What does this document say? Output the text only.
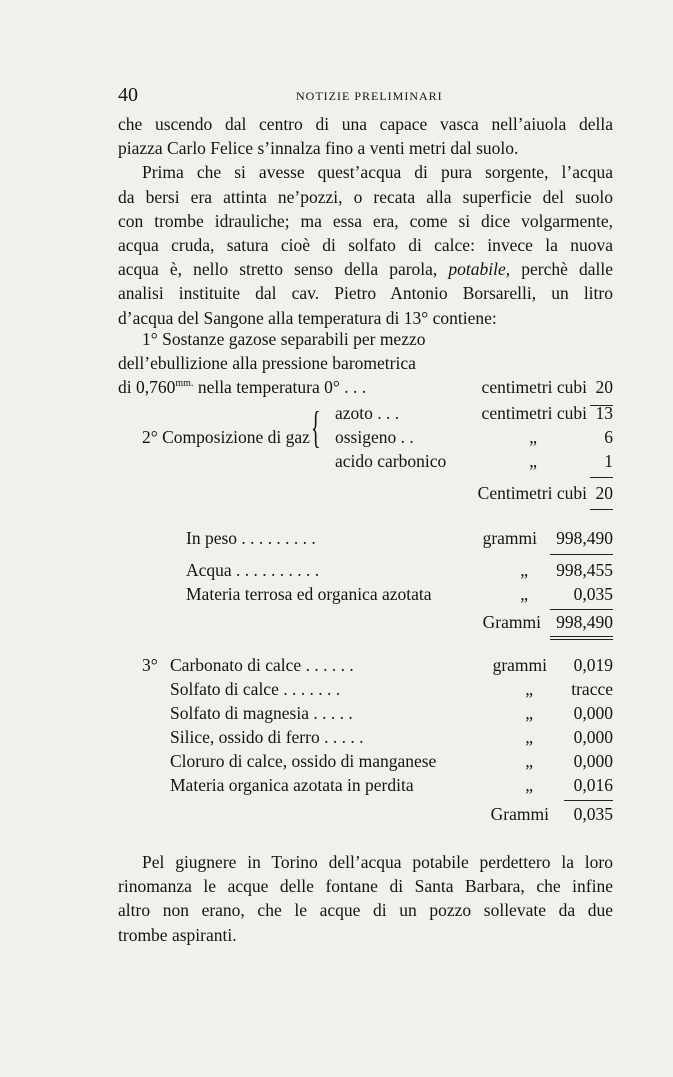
40	NOTIZIE PRELIMINARI
che uscendo dal centro di una capace vasca nell’aiuola della
piazza Carlo Felice s’innalza fino a venti metri dal suolo.
Prima che si avesse quest’acqua di pura sorgente, l’acqua
da bersi era attinta ne’pozzi, o recata alla superficie del suolo
con trombe idrauliche; ma essa era, come si dice volgarmente,
acqua cruda, satura cioè di solfato di calce: invece la nuova
acqua è, nello stretto senso della parola, potabile, perchè dalle
analisi instituite dal cav. Pietro Antonio Borsarelli, un litro
d’acqua del Sangone alla temperatura di 13° contiene:
1° Sostanze gazose separabili per mezzo
dell’ebullizione alla pressione barometrica
di $0,760^{mm.}$ nella temperatura 0° . . .	centimetri cubi 20
2° Composizione di gaz { azoto . . .	centimetri cubi 13
ossigeno . .	„	6
acido carbonico	„	1
Centimetri cubi 20
In peso . . . . . . . . .	grammi 998,490
Acqua . . . . . . . . . .	„ 998,455
Materia terrosa ed organica azotata	„	0,035
Grammi 998,490
3° Carbonato di calce . . . . . .	grammi 0,019
Solfato di calce . . . . . . .	„ tracce
Solfato di magnesia . . . . .	„ 0,000
Silice, ossido di ferro . . . . .	„ 0,000
Cloruro di calce, ossido di manganese	„ 0,000
Materia organica azotata in perdita	„ 0,016
Grammi 0,035
Pel giugnere in Torino dell’acqua potabile perdettero la loro
rinomanza le acque delle fontane di Santa Barbara, che infine
altro non erano, che le acque di un pozzo sollevate da due
trombe aspiranti.
